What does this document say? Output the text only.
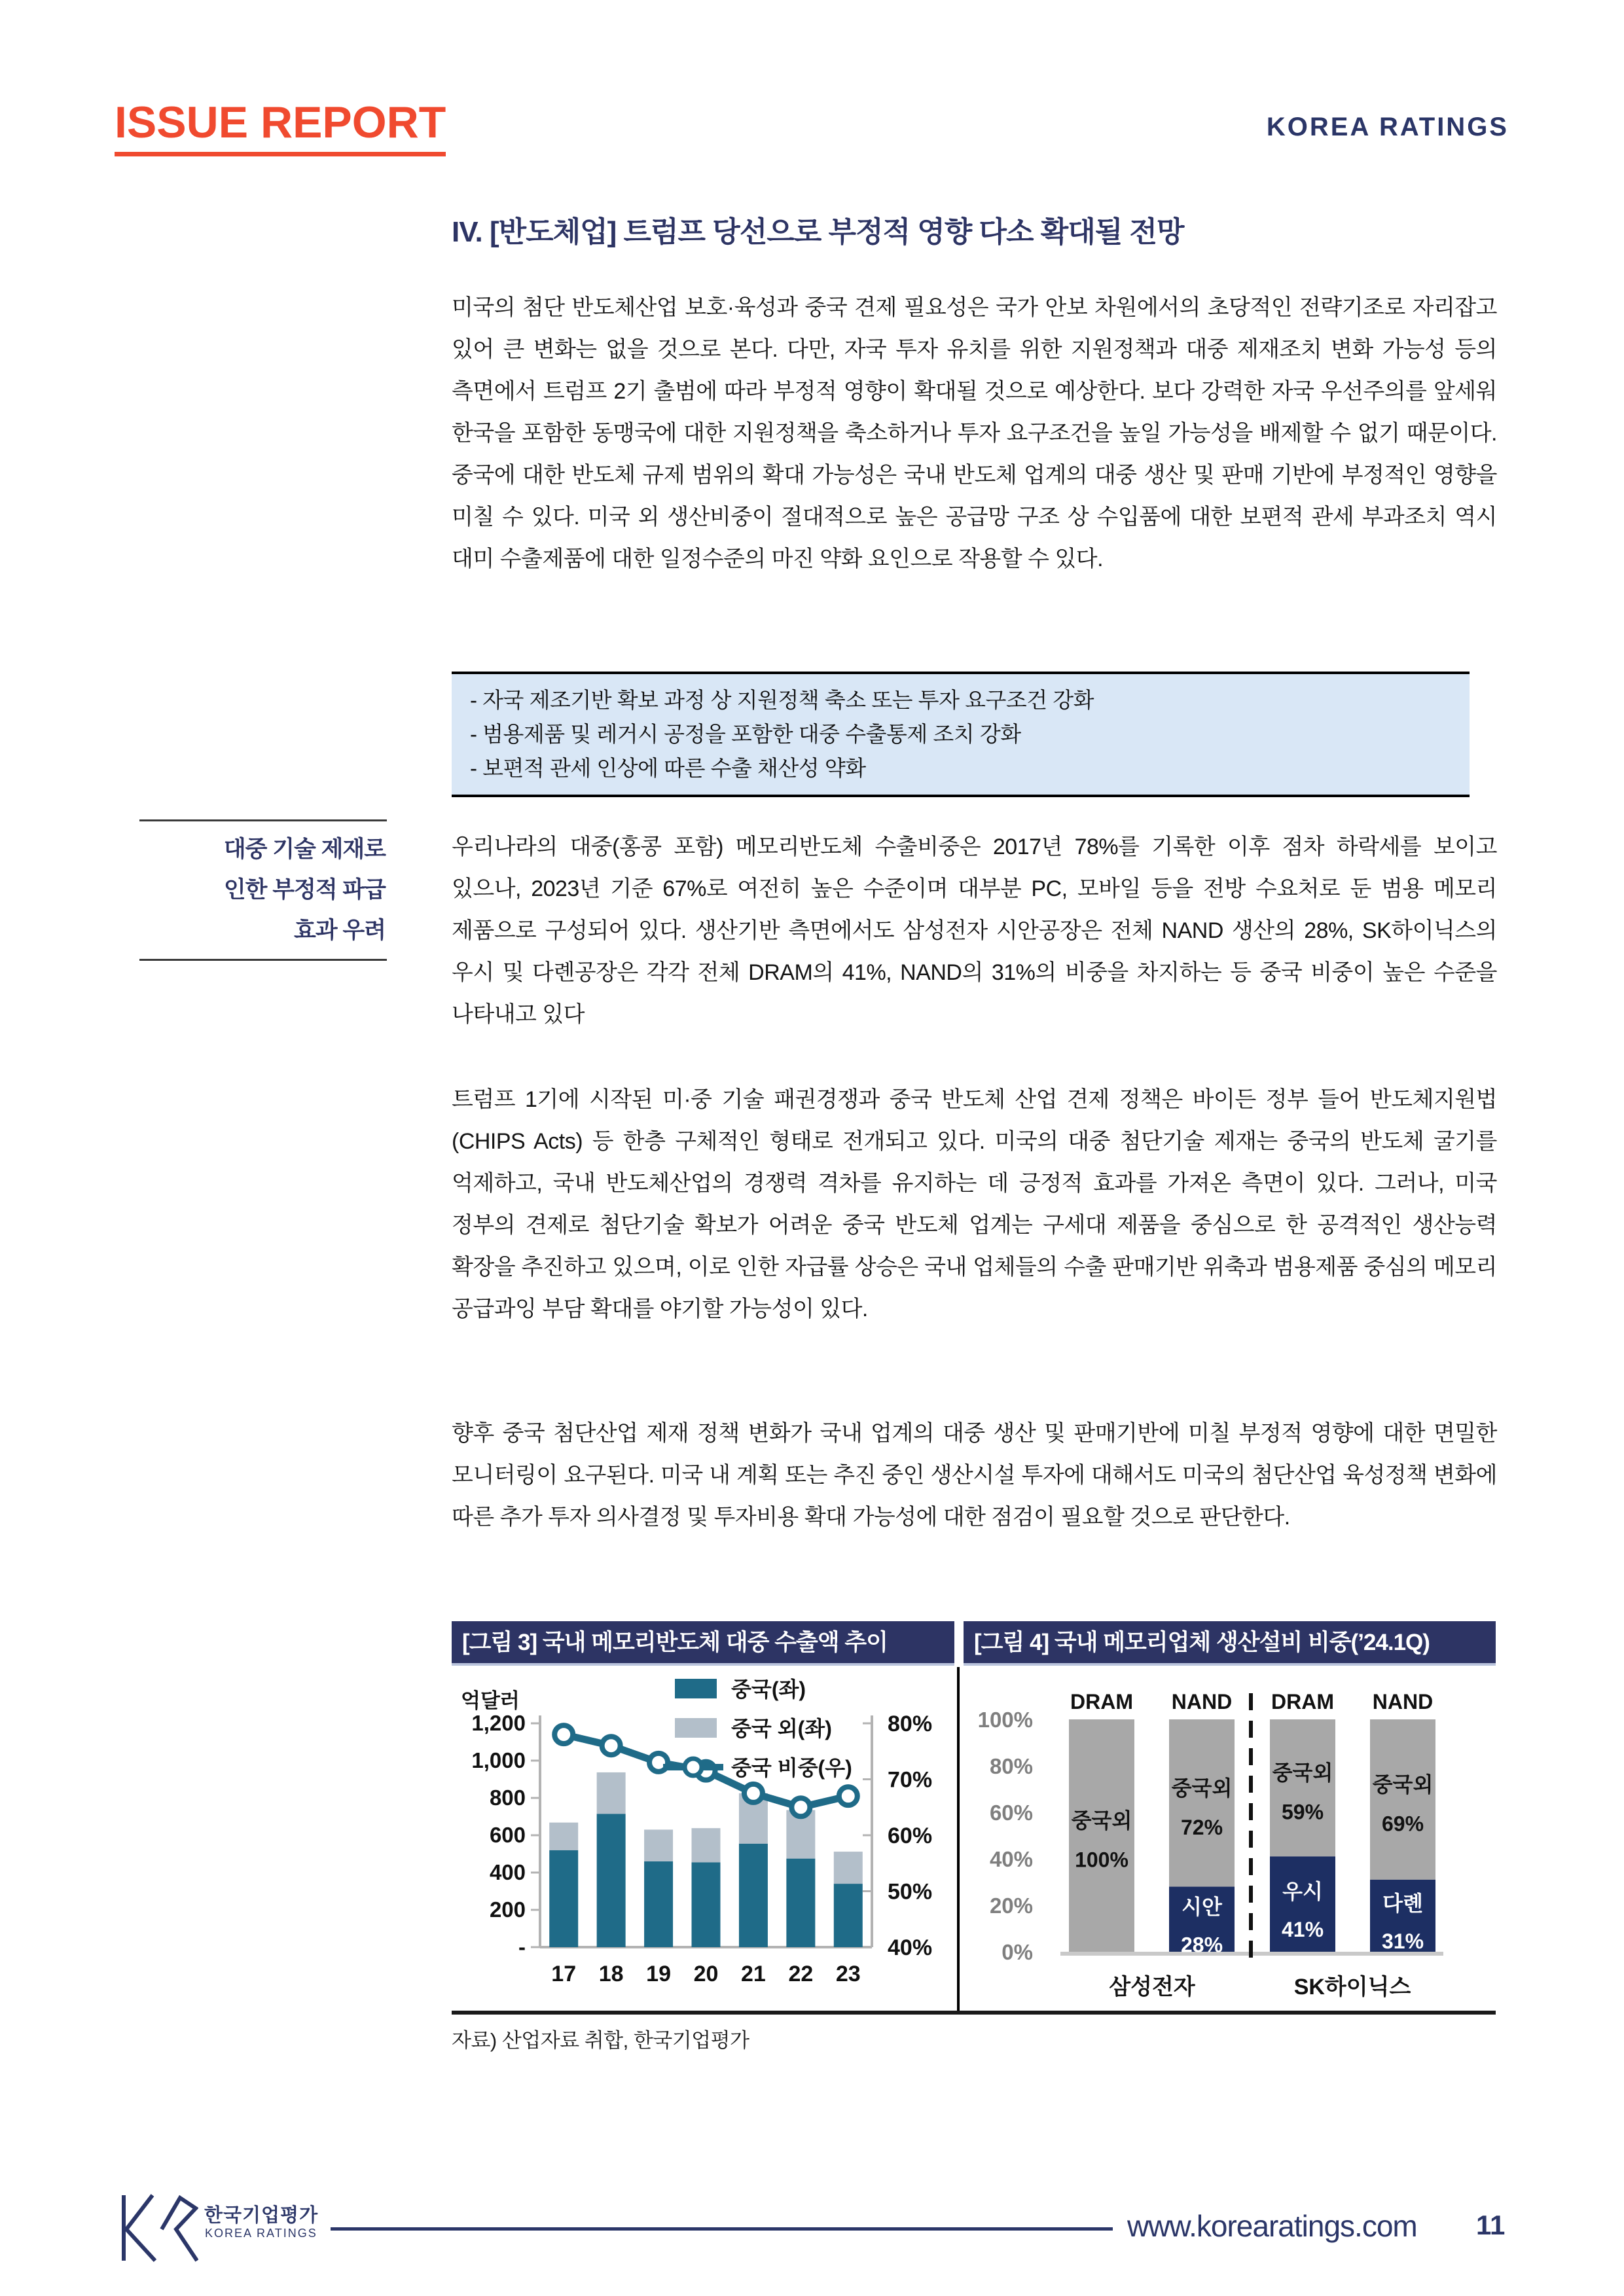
ISSUE REPORT	KOREA RATINGS
IV. [반도체업] 트럼프 당선으로 부정적 영향 다소 확대될 전망
미국의 첨단 반도체산업 보호·육성과 중국 견제 필요성은 국가 안보 차원에서의 초당적인 전략기조로 자리잡고 있어 큰 변화는 없을 것으로 본다. 다만, 자국 투자 유치를 위한 지원정책과 대중 제재조치 변화 가능성 등의 측면에서 트럼프 2기 출범에 따라 부정적 영향이 확대될 것으로 예상한다. 보다 강력한 자국 우선주의를 앞세워 한국을 포함한 동맹국에 대한 지원정책을 축소하거나 투자 요구조건을 높일 가능성을 배제할 수 없기 때문이다. 중국에 대한 반도체 규제 범위의 확대 가능성은 국내 반도체 업계의 대중 생산 및 판매 기반에 부정적인 영향을 미칠 수 있다. 미국 외 생산비중이 절대적으로 높은 공급망 구조 상 수입품에 대한 보편적 관세 부과조치 역시 대미 수출제품에 대한 일정수준의 마진 약화 요인으로 작용할 수 있다.
- 자국 제조기반 확보 과정 상 지원정책 축소 또는 투자 요구조건 강화
- 범용제품 및 레거시 공정을 포함한 대중 수출통제 조치 강화
- 보편적 관세 인상에 따른 수출 채산성 약화
대중 기술 제재로
인한 부정적 파급
효과 우려
우리나라의 대중(홍콩 포함) 메모리반도체 수출비중은 2017년 78%를 기록한 이후 점차 하락세를 보이고 있으나, 2023년 기준 67%로 여전히 높은 수준이며 대부분 PC, 모바일 등을 전방 수요처로 둔 범용 메모리 제품으로 구성되어 있다. 생산기반 측면에서도 삼성전자 시안공장은 전체 NAND 생산의 28%, SK하이닉스의 우시 및 다롄공장은 각각 전체 DRAM의 41%, NAND의 31%의 비중을 차지하는 등 중국 비중이 높은 수준을 나타내고 있다
트럼프 1기에 시작된 미·중 기술 패권경쟁과 중국 반도체 산업 견제 정책은 바이든 정부 들어 반도체지원법(CHIPS Acts) 등 한층 구체적인 형태로 전개되고 있다. 미국의 대중 첨단기술 제재는 중국의 반도체 굴기를 억제하고, 국내 반도체산업의 경쟁력 격차를 유지하는 데 긍정적 효과를 가져온 측면이 있다. 그러나, 미국 정부의 견제로 첨단기술 확보가 어려운 중국 반도체 업계는 구세대 제품을 중심으로 한 공격적인 생산능력 확장을 추진하고 있으며, 이로 인한 자급률 상승은 국내 업체들의 수출 판매기반 위축과 범용제품 중심의 메모리 공급과잉 부담 확대를 야기할 가능성이 있다.
향후 중국 첨단산업 제재 정책 변화가 국내 업계의 대중 생산 및 판매기반에 미칠 부정적 영향에 대한 면밀한 모니터링이 요구된다. 미국 내 계획 또는 추진 중인 생산시설 투자에 대해서도 미국의 첨단산업 육성정책 변화에 따른 추가 투자 의사결정 및 투자비용 확대 가능성에 대한 점검이 필요할 것으로 판단한다.
[그림 3] 국내 메모리반도체 대중 수출액 추이	[그림 4] 국내 메모리업체 생산설비 비중(’24.1Q)
억달러
1,200
1,000
800
600
400
200
-
80%
70%
60%
50%
40%
17 18 19 20 21 22 23
중국(좌)
중국 외(좌)
중국 비중(우)
100%
80%
60%
40%
20%
0%
DRAM
중국외
100%
NAND
중국외
72%
시안
28%
DRAM
중국외
59%
우시
41%
NAND
중국외
69%
다롄
31%
삼성전자	SK하이닉스
자료) 산업자료 취합, 한국기업평가
한국기업평가
KOREA RATINGS	www.korearatings.com 11
